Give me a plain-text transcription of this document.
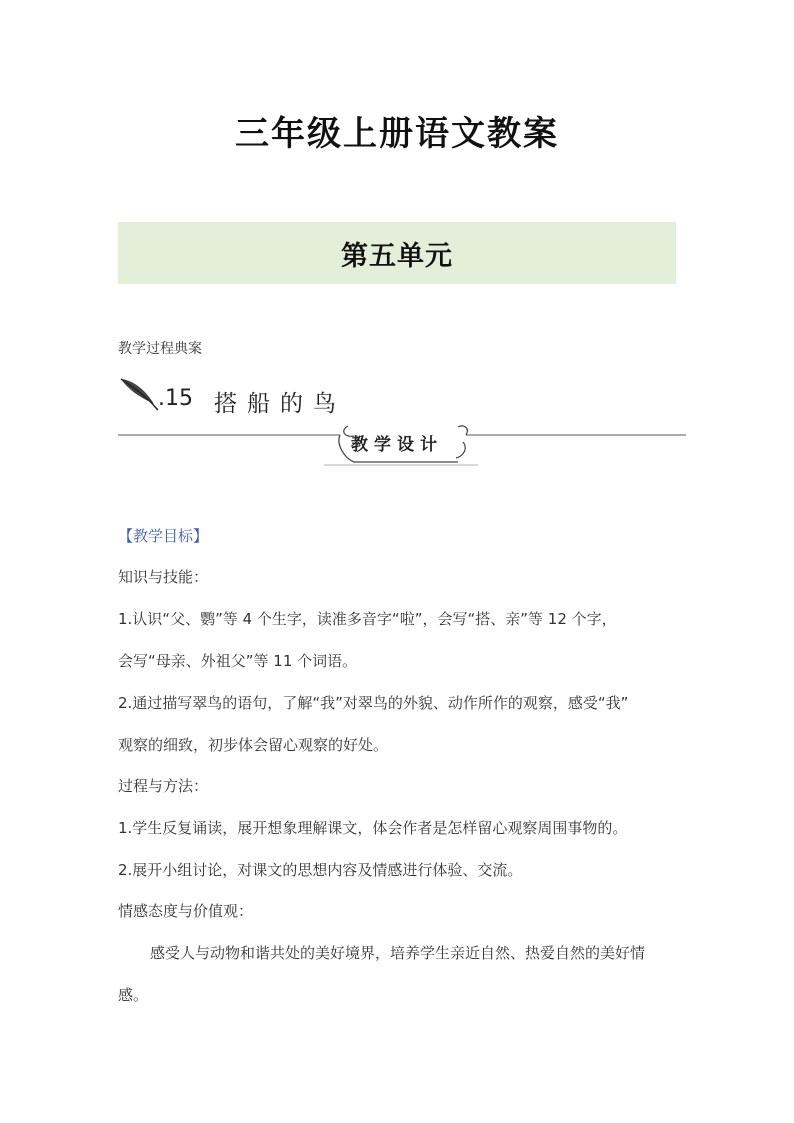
三年级上册语文教案
第五单元
教学过程典案
.15 搭船的鸟
教学设计
【教学目标】
知识与技能：
1.认识“父、鹦”等 4 个生字，读准多音字“啦”，会写“搭、亲”等 12 个字，
会写“母亲、外祖父”等 11 个词语。
2.通过描写翠鸟的语句，了解“我”对翠鸟的外貌、动作所作的观察，感受“我”
观察的细致，初步体会留心观察的好处。
过程与方法：
1.学生反复诵读，展开想象理解课文，体会作者是怎样留心观察周围事物的。
2.展开小组讨论，对课文的思想内容及情感进行体验、交流。
情感态度与价值观：
感受人与动物和谐共处的美好境界，培养学生亲近自然、热爱自然的美好情
感。
